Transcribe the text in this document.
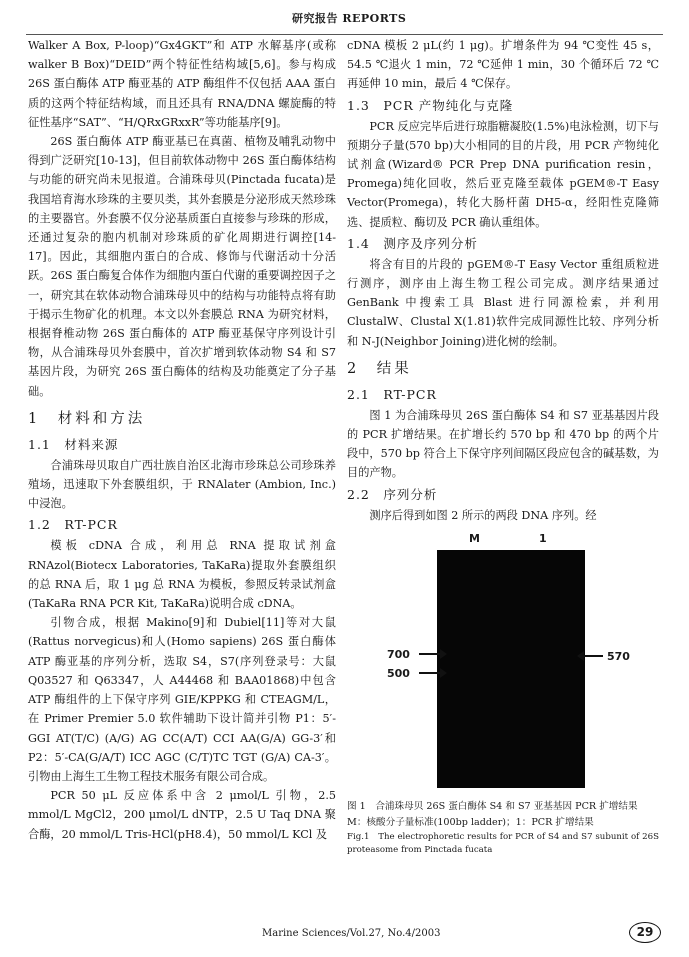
研究报告 REPORTS

Walker A Box, P-loop)“Gx4GKT”和 ATP 水解基序(或称 walker B Box)“DEID”两个特征性结构域[5,6]。参与构成 26S 蛋白酶体 ATP 酶亚基的 ATP 酶组件不仅包括 AAA 蛋白质的这两个特征结构域，而且还具有 RNA/DNA 螺旋酶的特征性基序“SAT”、“H/QRxGRxxR”等功能基序[9]。

26S 蛋白酶体 ATP 酶亚基已在真菌、植物及哺乳动物中得到广泛研究[10-13]，但目前软体动物中 26S 蛋白酶体结构与功能的研究尚未见报道。合浦珠母贝(Pinctada fucata)是我国培育海水珍珠的主要贝类，其外套膜是分泌形成天然珍珠的主要器官。外套膜不仅分泌基质蛋白直接参与珍珠的形成，还通过复杂的胞内机制对珍珠质的矿化周期进行调控[14-17]。因此，其细胞内蛋白的合成、修饰与代谢活动十分活跃。26S 蛋白酶复合体作为细胞内蛋白代谢的重要调控因子之一，研究其在软体动物合浦珠母贝中的结构与功能特点将有助于揭示生物矿化的机理。本文以外套膜总 RNA 为研究材料，根据脊椎动物 26S 蛋白酶体的 ATP 酶亚基保守序列设计引物，从合浦珠母贝外套膜中，首次扩增到软体动物 S4 和 S7 基因片段，为研究 26S 蛋白酶体的结构及功能奠定了分子基础。

1　材料和方法
1.1　材料来源

合浦珠母贝取自广西壮族自治区北海市珍珠总公司珍珠养殖场，迅速取下外套膜组织，于 RNAlater (Ambion, Inc.)中浸泡。

1.2　RT-PCR

模板 cDNA 合成，利用总 RNA 提取试剂盒 RNAzol(Biotecx Laboratories, TaKaRa)提取外套膜组织的总 RNA 后，取 1 μg 总 RNA 为模板，参照反转录试剂盒(TaKaRa RNA PCR Kit, TaKaRa)说明合成 cDNA。

引物合成，根据 Makino[9]和 Dubiel[11]等对大鼠(Rattus norvegicus)和人(Homo sapiens) 26S 蛋白酶体 ATP 酶亚基的序列分析，选取 S4，S7(序列登录号：大鼠 Q03527 和 Q63347，人 A44468 和 BAA01868)中包含 ATP 酶组件的上下保守序列 GIE/KPPKG 和 CTEAGM/L，在 Primer Premier 5.0 软件辅助下设计简并引物 P1：5′-GGI AT(T/C) (A/G) AG CC(A/T) CCI AA(G/A) GG-3′和 P2：5′-CA(G/A/T) ICC AGC (C/T)TC TGT (G/A) CA-3′。引物由上海生工生物工程技术服务有限公司合成。

PCR 50 μL 反应体系中含 2 μmol/L 引物，2.5 mmol/L MgCl2，200 μmol/L dNTP，2.5 U Taq DNA 聚合酶，20 mmol/L Tris-HCl(pH8.4)，50 mmol/L KCl 及

cDNA 模板 2 μL(约 1 μg)。扩增条件为 94 ℃变性 45 s，54.5 ℃退火 1 min，72 ℃延伸 1 min，30 个循环后 72 ℃再延伸 10 min，最后 4 ℃保存。

1.3　PCR 产物纯化与克隆

PCR 反应完毕后进行琼脂糖凝胶(1.5%)电泳检测，切下与预期分子量(570 bp)大小相同的目的片段，用 PCR 产物纯化试剂盒(Wizard® PCR Prep DNA purification resin，Promega)纯化回收，然后亚克隆至载体 pGEM®-T Easy Vector(Promega)，转化大肠杆菌 DH5-α，经阳性克隆筛选、提质粒、酶切及 PCR 确认重组体。

1.4　测序及序列分析

将含有目的片段的 pGEM®-T Easy Vector 重组质粒进行测序，测序由上海生物工程公司完成。测序结果通过 GenBank 中搜索工具 Blast 进行同源检索，并利用 ClustalW、Clustal X(1.81)软件完成同源性比较、序列分析和 N-J(Neighbor Joining)进化树的绘制。

2　结果
2.1　RT-PCR

图 1 为合浦珠母贝 26S 蛋白酶体 S4 和 S7 亚基基因片段的 PCR 扩增结果。在扩增长约 570 bp 和 470 bp 的两个片段中，570 bp 符合上下保守序列间隔区段应包含的碱基数，为目的产物。

2.2　序列分析

测序后得到如图 2 所示的两段 DNA 序列。经

M	1
700
500
570

图 1　合浦珠母贝 26S 蛋白酶体 S4 和 S7 亚基基因 PCR 扩增结果

M：核酸分子量标准(100bp ladder)；1：PCR 扩增结果

Fig.1　The electrophoretic results for PCR of S4 and S7 subunit of 26S proteasome from Pinctada fucata

Marine Sciences/Vol.27, No.4/2003	29
